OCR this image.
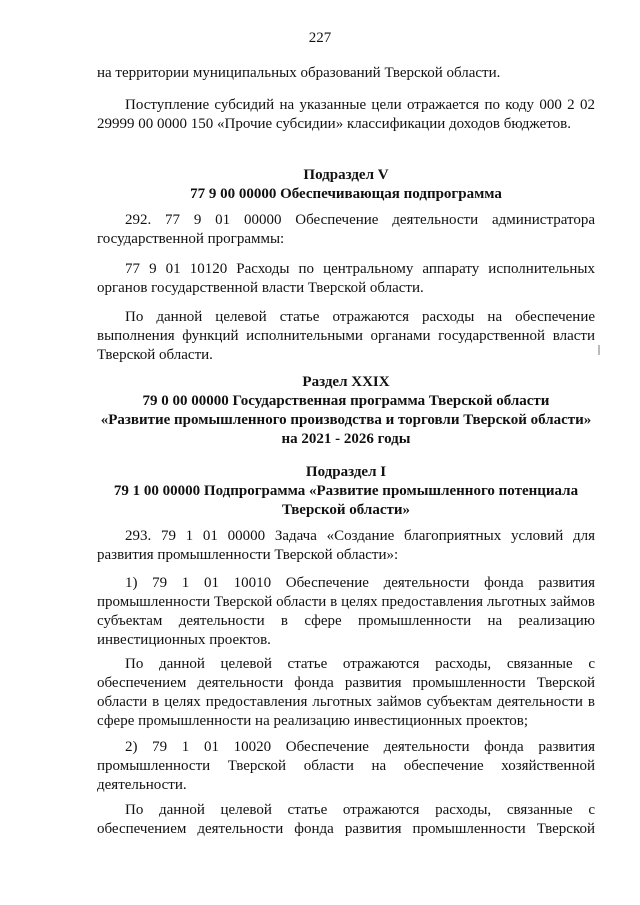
227

на территории муниципальных образований Тверской области.

Поступление субсидий на указанные цели отражается по коду 000 2 02 29999 00 0000 150 «Прочие субсидии» классификации доходов бюджетов.

Подраздел V
77 9 00 00000 Обеспечивающая подпрограмма

292. 77 9 01 00000 Обеспечение деятельности администратора государственной программы:

77 9 01 10120 Расходы по центральному аппарату исполнительных органов государственной власти Тверской области.

По данной целевой статье отражаются расходы на обеспечение выполнения функций исполнительными органами государственной власти Тверской области.

Раздел XXIX
79 0 00 00000 Государственная программа Тверской области
«Развитие промышленного производства и торговли Тверской области»
на 2021 - 2026 годы
Подраздел I
79 1 00 00000 Подпрограмма «Развитие промышленного потенциала
Тверской области»

293. 79 1 01 00000 Задача «Создание благоприятных условий для развития промышленности Тверской области»:

1) 79 1 01 10010 Обеспечение деятельности фонда развития промышленности Тверской области в целях предоставления льготных займов субъектам деятельности в сфере промышленности на реализацию инвестиционных проектов.

По данной целевой статье отражаются расходы, связанные с обеспечением деятельности фонда развития промышленности Тверской области в целях предоставления льготных займов субъектам деятельности в сфере промышленности на реализацию инвестиционных проектов;

2) 79 1 01 10020 Обеспечение деятельности фонда развития промышленности Тверской области на обеспечение хозяйственной деятельности.

По данной целевой статье отражаются расходы, связанные с обеспечением деятельности фонда развития промышленности Тверской
